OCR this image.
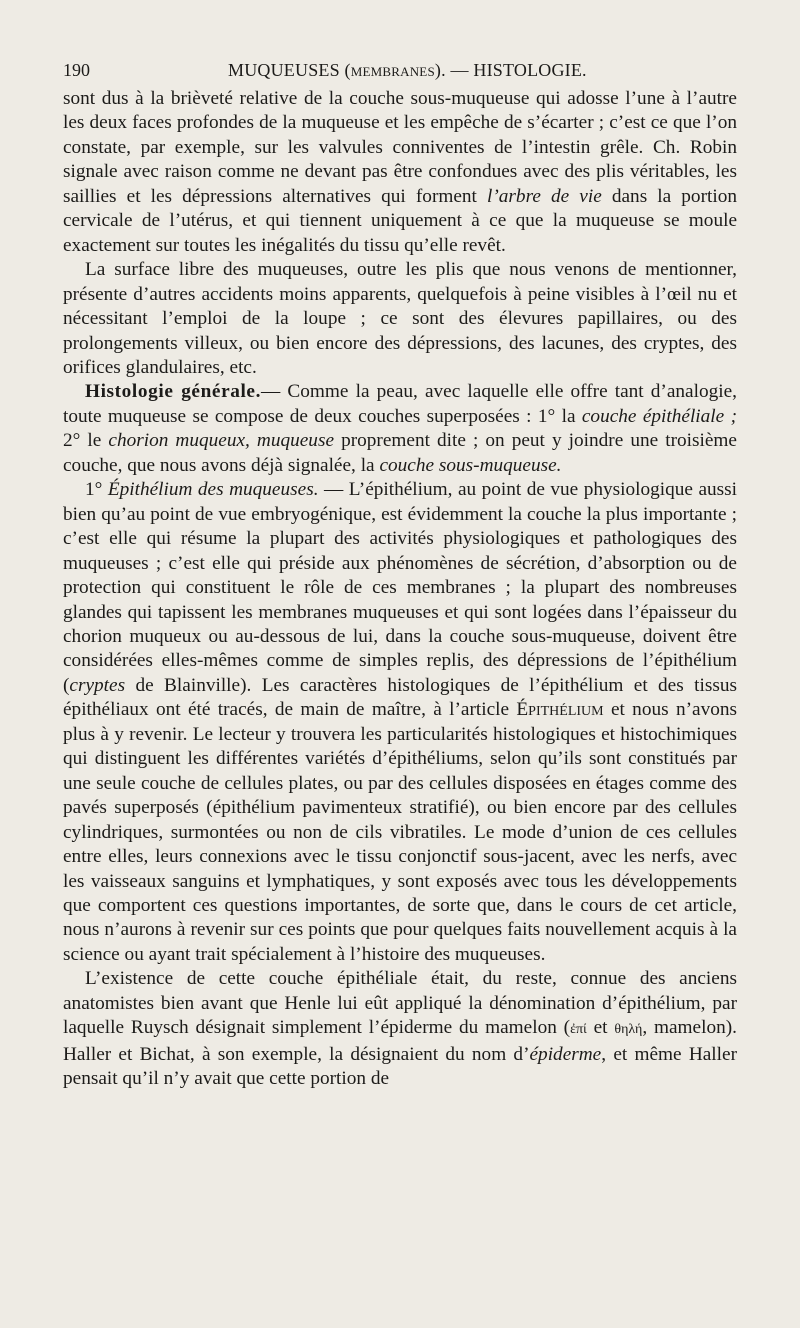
190	MUQUEUSES (membranes). — HISTOLOGIE.

sont dus à la brièveté relative de la couche sous-muqueuse qui adosse l’une à l’autre les deux faces profondes de la muqueuse et les empêche de s’écarter ; c’est ce que l’on constate, par exemple, sur les valvules conniventes de l’intestin grêle. Ch. Robin signale avec raison comme ne devant pas être confondues avec des plis véritables, les saillies et les dépressions alternatives qui forment l’arbre de vie dans la portion cervicale de l’utérus, et qui tiennent uniquement à ce que la muqueuse se moule exactement sur toutes les inégalités du tissu qu’elle revêt.

La surface libre des muqueuses, outre les plis que nous venons de mentionner, présente d’autres accidents moins apparents, quelquefois à peine visibles à l’œil nu et nécessitant l’emploi de la loupe ; ce sont des élevures papillaires, ou des prolongements villeux, ou bien encore des dépressions, des lacunes, des cryptes, des orifices glandulaires, etc.

Histologie générale.— Comme la peau, avec laquelle elle offre tant d’analogie, toute muqueuse se compose de deux couches superposées : 1° la couche épithéliale ; 2° le chorion muqueux, muqueuse proprement dite ; on peut y joindre une troisième couche, que nous avons déjà signalée, la couche sous-muqueuse.

1° Épithélium des muqueuses. — L’épithélium, au point de vue physiologique aussi bien qu’au point de vue embryogénique, est évidemment la couche la plus importante ; c’est elle qui résume la plupart des activités physiologiques et pathologiques des muqueuses ; c’est elle qui préside aux phénomènes de sécrétion, d’absorption ou de protection qui constituent le rôle de ces membranes ; la plupart des nombreuses glandes qui tapissent les membranes muqueuses et qui sont logées dans l’épaisseur du chorion muqueux ou au-dessous de lui, dans la couche sous-muqueuse, doivent être considérées elles-mêmes comme de simples replis, des dépressions de l’épithélium (cryptes de Blainville). Les caractères histologiques de l’épithélium et des tissus épithéliaux ont été tracés, de main de maître, à l’article Épithélium et nous n’avons plus à y revenir. Le lecteur y trouvera les particularités histologiques et histochimiques qui distinguent les différentes variétés d’épithéliums, selon qu’ils sont constitués par une seule couche de cellules plates, ou par des cellules disposées en étages comme des pavés superposés (épithélium pavimenteux stratifié), ou bien encore par des cellules cylindriques, surmontées ou non de cils vibratiles. Le mode d’union de ces cellules entre elles, leurs connexions avec le tissu conjonctif sous-jacent, avec les nerfs, avec les vaisseaux sanguins et lymphatiques, y sont exposés avec tous les développements que comportent ces questions importantes, de sorte que, dans le cours de cet article, nous n’aurons à revenir sur ces points que pour quelques faits nouvellement acquis à la science ou ayant trait spécialement à l’histoire des muqueuses.

L’existence de cette couche épithéliale était, du reste, connue des anciens anatomistes bien avant que Henle lui eût appliqué la dénomination d’épithélium, par laquelle Ruysch désignait simplement l’épiderme du mamelon (ἐπί et θηλή, mamelon). Haller et Bichat, à son exemple, la désignaient du nom d’épiderme, et même Haller pensait qu’il n’y avait que cette portion de
